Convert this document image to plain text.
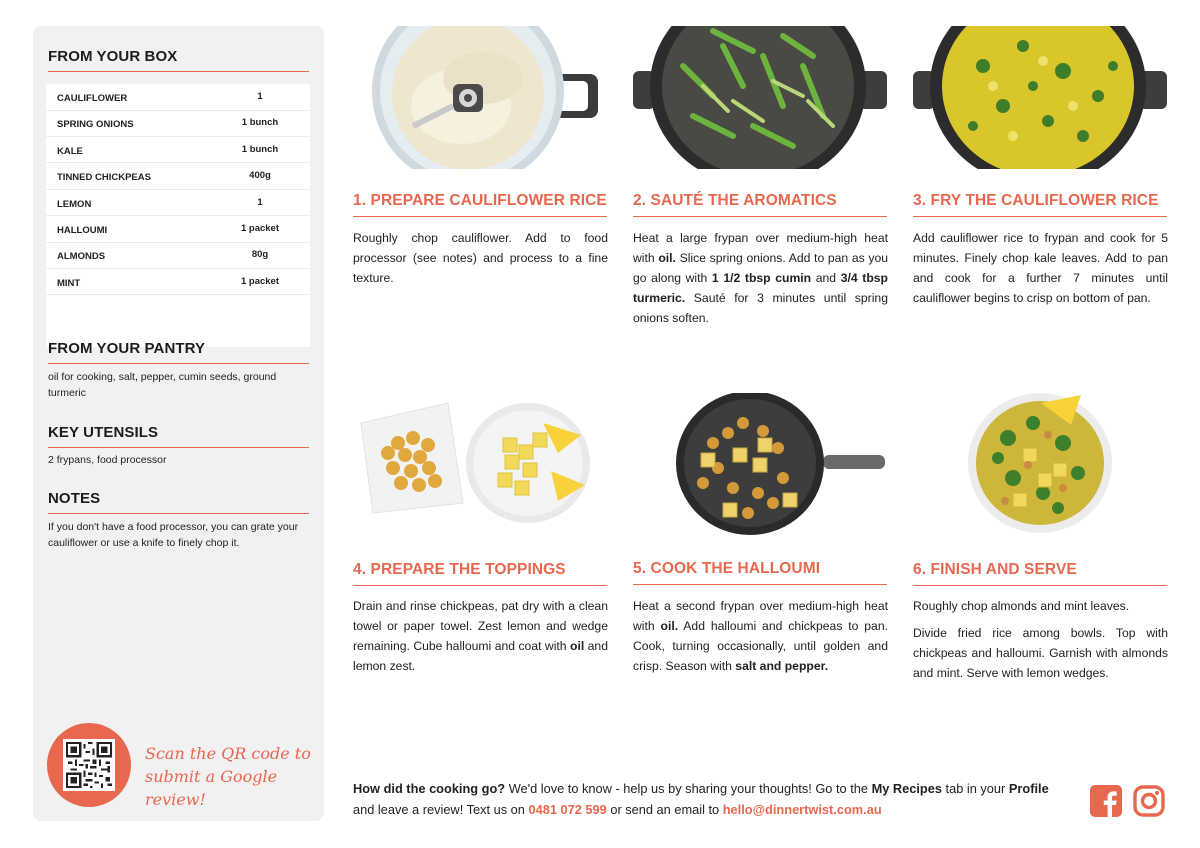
FROM YOUR BOX
CAULIFLOWER	1
SPRING ONIONS	1 bunch
KALE	1 bunch
TINNED CHICKPEAS	400g
LEMON	1
HALLOUMI	1 packet
ALMONDS	80g
MINT	1 packet
FROM YOUR PANTRY
oil for cooking, salt, pepper, cumin seeds, ground turmeric
KEY UTENSILS
2 frypans, food processor
NOTES
If you don't have a food processor, you can grate your cauliflower or use a knife to finely chop it.
Scan the QR code to submit a Google review!
1. PREPARE CAULIFLOWER RICE

Roughly chop cauliflower. Add to food processor (see notes) and process to a fine texture.

2. SAUTÉ THE AROMATICS

Heat a large frypan over medium-high heat with oil. Slice spring onions. Add to pan as you go along with 1 1/2 tbsp cumin and 3/4 tbsp turmeric. Sauté for 3 minutes until spring onions soften.

3. FRY THE CAULIFLOWER RICE

Add cauliflower rice to frypan and cook for 5 minutes. Finely chop kale leaves. Add to pan and cook for a further 7 minutes until cauliflower begins to crisp on bottom of pan.

4. PREPARE THE TOPPINGS

Drain and rinse chickpeas, pat dry with a clean towel or paper towel. Zest lemon and wedge remaining. Cube halloumi and coat with oil and lemon zest.

5. COOK THE HALLOUMI

Heat a second frypan over medium-high heat with oil. Add halloumi and chickpeas to pan. Cook, turning occasionally, until golden and crisp. Season with salt and pepper.

6. FINISH AND SERVE

Roughly chop almonds and mint leaves.

Divide fried rice among bowls. Top with chickpeas and halloumi. Garnish with almonds and mint. Serve with lemon wedges.

How did the cooking go? We'd love to know - help us by sharing your thoughts! Go to the My Recipes tab in your Profile and leave a review! Text us on 0481 072 599 or send an email to hello@dinnertwist.com.au
